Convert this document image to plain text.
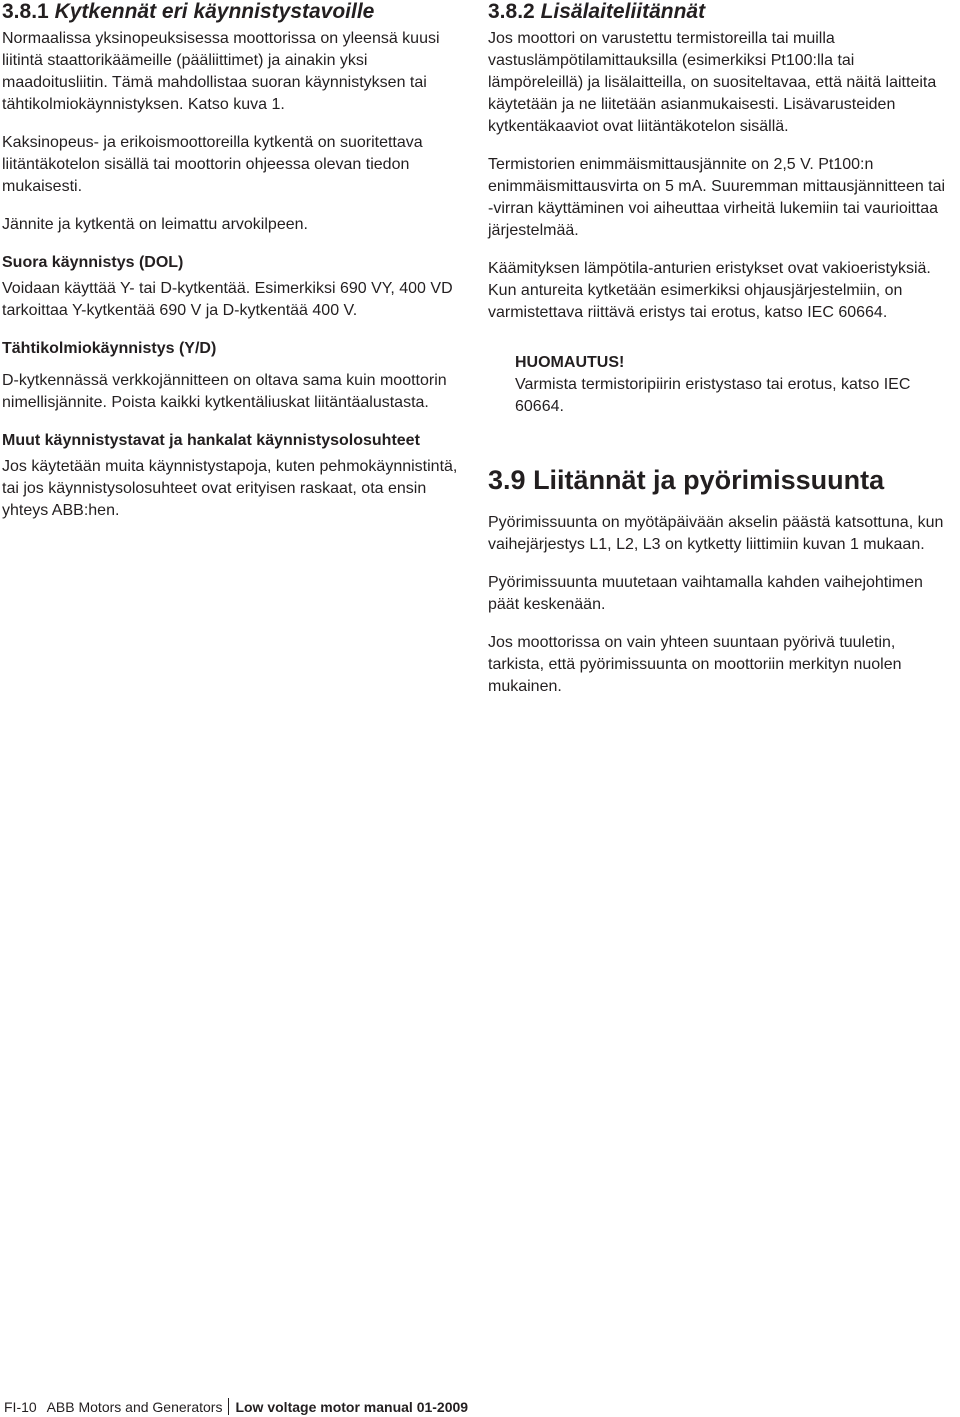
3.8.1 Kytkennät eri käynnistystavoille

Normaalissa yksinopeuksisessa moottorissa on yleensä kuusi liitintä staattorikäämeille (pääliittimet) ja ainakin yksi maadoitusliitin. Tämä mahdollistaa suoran käynnistyksen tai tähtikolmiokäynnistyksen. Katso kuva 1.

Kaksinopeus- ja erikoismoottoreilla kytkentä on suoritettava liitäntäkotelon sisällä tai moottorin ohjeessa olevan tiedon mukaisesti.

Jännite ja kytkentä on leimattu arvokilpeen.

Suora käynnistys (DOL)

Voidaan käyttää Y- tai D-kytkentää. Esimerkiksi 690 VY, 400 VD tarkoittaa Y-kytkentää 690 V ja D-kytkentää 400 V.

Tähtikolmiokäynnistys (Y/D)

D-kytkennässä verkkojännitteen on oltava sama kuin moottorin nimellisjännite. Poista kaikki kytkentäliuskat liitäntäalustasta.

Muut käynnistystavat ja hankalat käynnistysolosuhteet

Jos käytetään muita käynnistystapoja, kuten pehmokäynnistintä, tai jos käynnistysolosuhteet ovat erityisen raskaat, ota ensin yhteys ABB:hen.

3.8.2 Lisälaiteliitännät

Jos moottori on varustettu termistoreilla tai muilla vastuslämpötilamittauksilla (esimerkiksi Pt100:lla tai lämpöreleillä) ja lisälaitteilla, on suositeltavaa, että näitä laitteita käytetään ja ne liitetään asianmukaisesti. Lisävarusteiden kytkentäkaaviot ovat liitäntäkotelon sisällä.

Termistorien enimmäismittausjännite on 2,5 V. Pt100:n enimmäismittausvirta on 5 mA. Suuremman mittausjännitteen tai -virran käyttäminen voi aiheuttaa virheitä lukemiin tai vaurioittaa järjestelmää.

Käämityksen lämpötila-anturien eristykset ovat vakioeristyksiä. Kun antureita kytketään esimerkiksi ohjausjärjestelmiin, on varmistettava riittävä eristys tai erotus, katso IEC 60664.

HUOMAUTUS!

Varmista termistoripiirin eristystaso tai erotus, katso IEC 60664.

3.9 Liitännät ja pyörimissuunta

Pyörimissuunta on myötäpäivään akselin päästä katsottuna, kun vaihejärjestys L1, L2, L3 on kytketty liittimiin kuvan 1 mukaan.

Pyörimissuunta muutetaan vaihtamalla kahden vaihejohtimen päät keskenään.

Jos moottorissa on vain yhteen suuntaan pyörivä tuuletin, tarkista, että pyörimissuunta on moottoriin merkityn nuolen mukainen.

FI-10 ABB Motors and Generators Low voltage motor manual 01-2009
